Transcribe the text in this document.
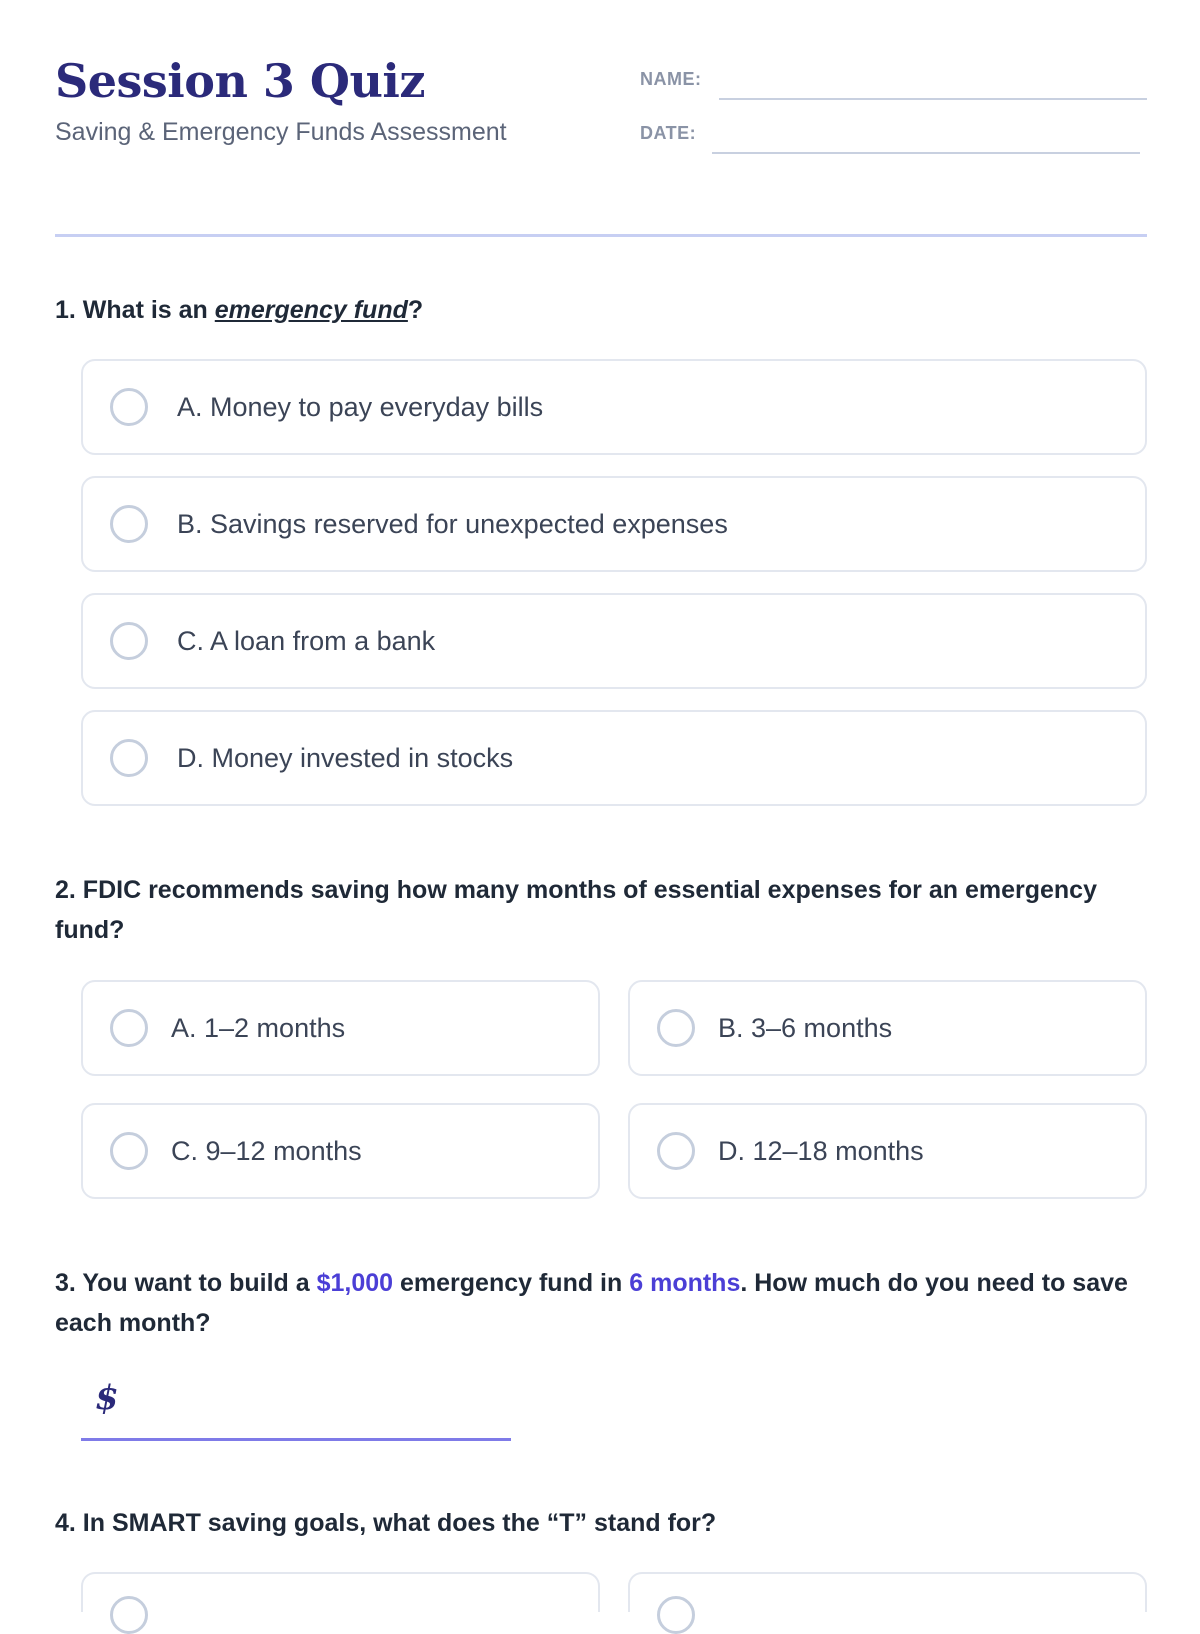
Session 3 Quiz
Saving & Emergency Funds Assessment
NAME:
DATE:
1. What is an emergency fund?
A. Money to pay everyday bills
B. Savings reserved for unexpected expenses
C. A loan from a bank
D. Money invested in stocks
2. FDIC recommends saving how many months of essential expenses for an emergency fund?
A. 1–2 months	B. 3–6 months
C. 9–12 months	D. 12–18 months
3. You want to build a $1,000 emergency fund in 6 months. How much do you need to save each month?
$
4. In SMART saving goals, what does the “T” stand for?
